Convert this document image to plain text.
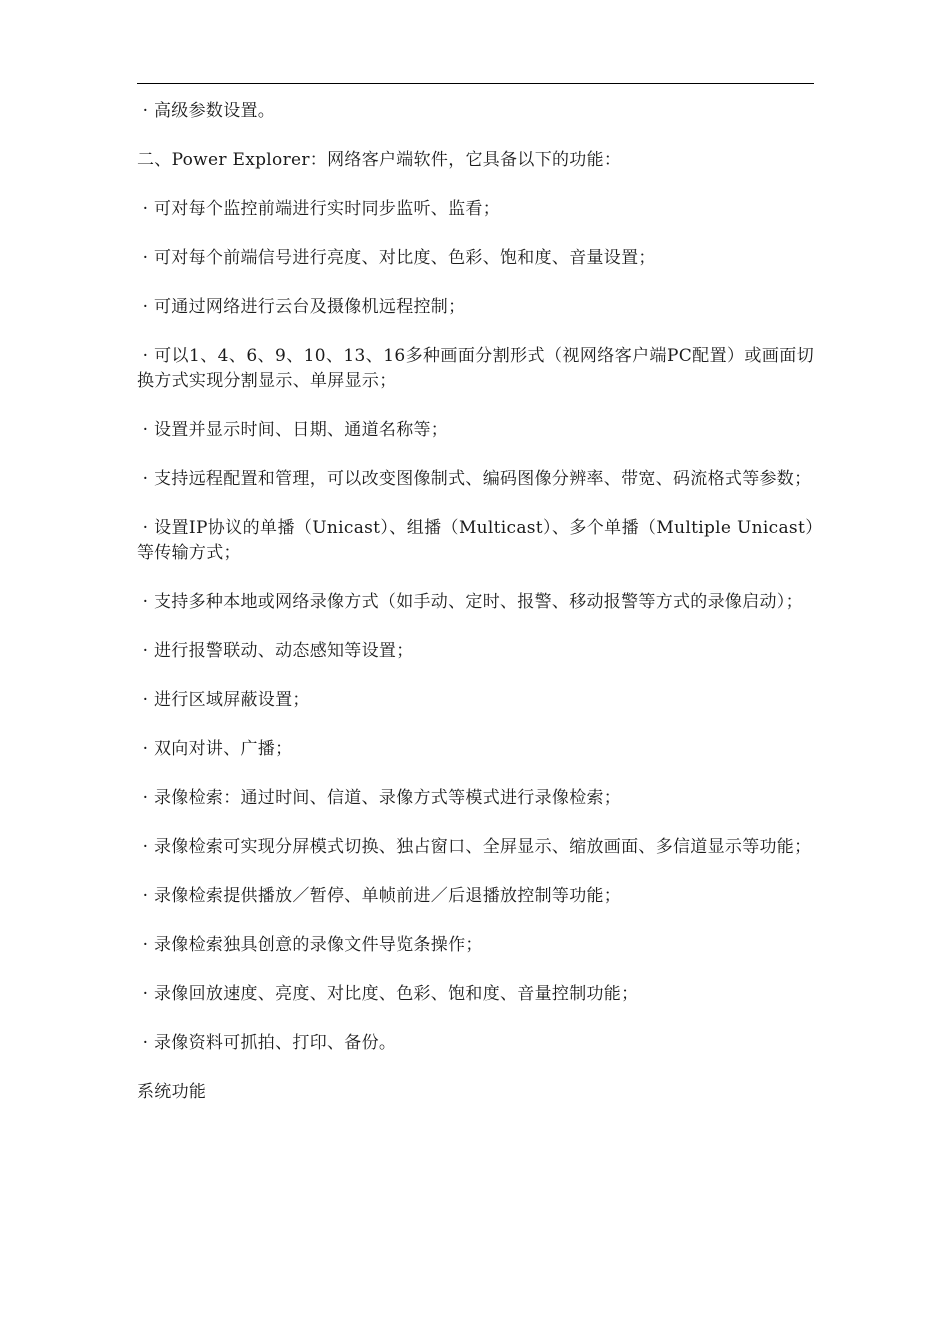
· 高级参数设置。

二、Power Explorer：网络客户端软件，它具备以下的功能：

· 可对每个监控前端进行实时同步监听、监看；

· 可对每个前端信号进行亮度、对比度、色彩、饱和度、音量设置；

· 可通过网络进行云台及摄像机远程控制；

· 可以1、4、6、9、10、13、16多种画面分割形式（视网络客户端PC配置）或画面切换方式实现分割显示、单屏显示；

· 设置并显示时间、日期、通道名称等；

· 支持远程配置和管理，可以改变图像制式、编码图像分辨率、带宽、码流格式等参数；

· 设置IP协议的单播（Unicast）、组播（Multicast）、多个单播（Multiple Unicast）等传输方式；

· 支持多种本地或网络录像方式（如手动、定时、报警、移动报警等方式的录像启动）；

· 进行报警联动、动态感知等设置；

· 进行区域屏蔽设置；

· 双向对讲、广播；

· 录像检索：通过时间、信道、录像方式等模式进行录像检索；

· 录像检索可实现分屏模式切换、独占窗口、全屏显示、缩放画面、多信道显示等功能；

· 录像检索提供播放／暂停、单帧前进／后退播放控制等功能；

· 录像检索独具创意的录像文件导览条操作；

· 录像回放速度、亮度、对比度、色彩、饱和度、音量控制功能；

· 录像资料可抓拍、打印、备份。

系统功能
